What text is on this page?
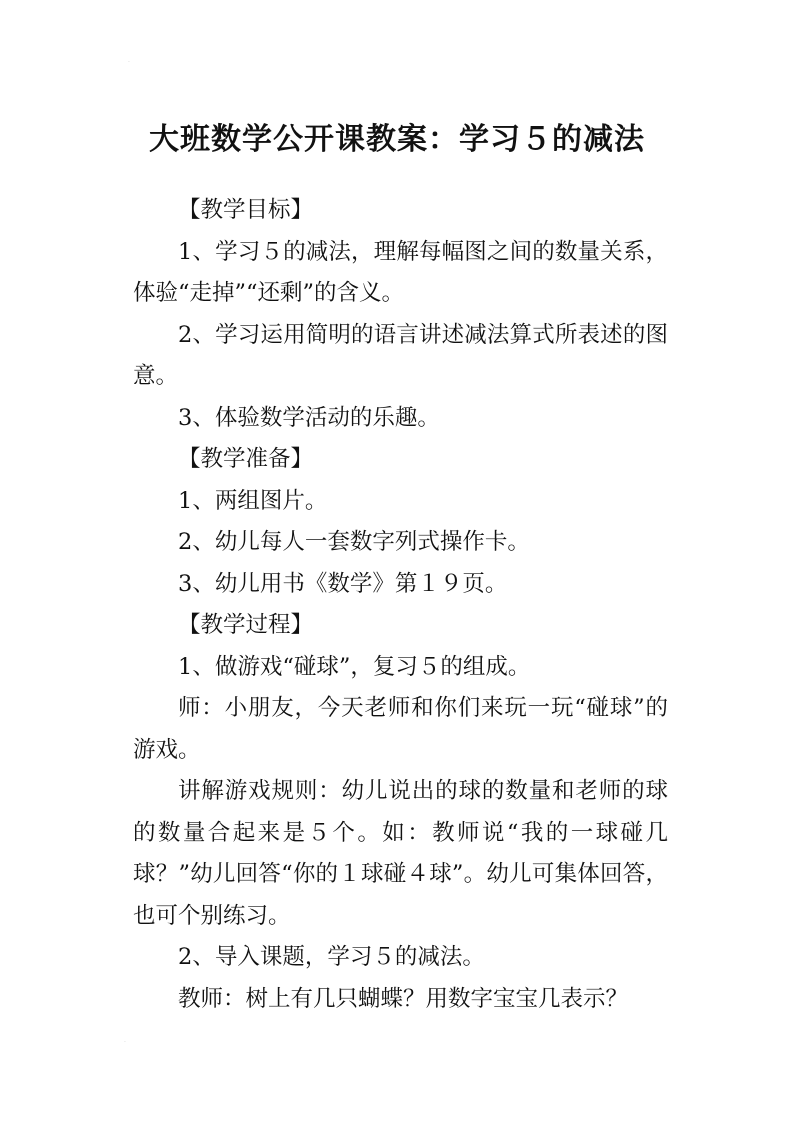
·
·
大班数学公开课教案：学习５的减法

【教学目标】

1、学习５的减法，理解每幅图之间的数量关系，体验“走掉”“还剩”的含义。

2、学习运用简明的语言讲述减法算式所表述的图意。

3、体验数学活动的乐趣。

【教学准备】

1、两组图片。

2、幼儿每人一套数字列式操作卡。

3、幼儿用书《数学》第１９页。

【教学过程】

1、做游戏“碰球”，复习５的组成。

师：小朋友，今天老师和你们来玩一玩“碰球”的游戏。

讲解游戏规则：幼儿说出的球的数量和老师的球的数量合起来是５个。如：教师说“我的一球碰几球？”幼儿回答“你的１球碰４球”。幼儿可集体回答，也可个别练习。

2、导入课题，学习５的减法。

教师：树上有几只蝴蝶？用数字宝宝几表示？
